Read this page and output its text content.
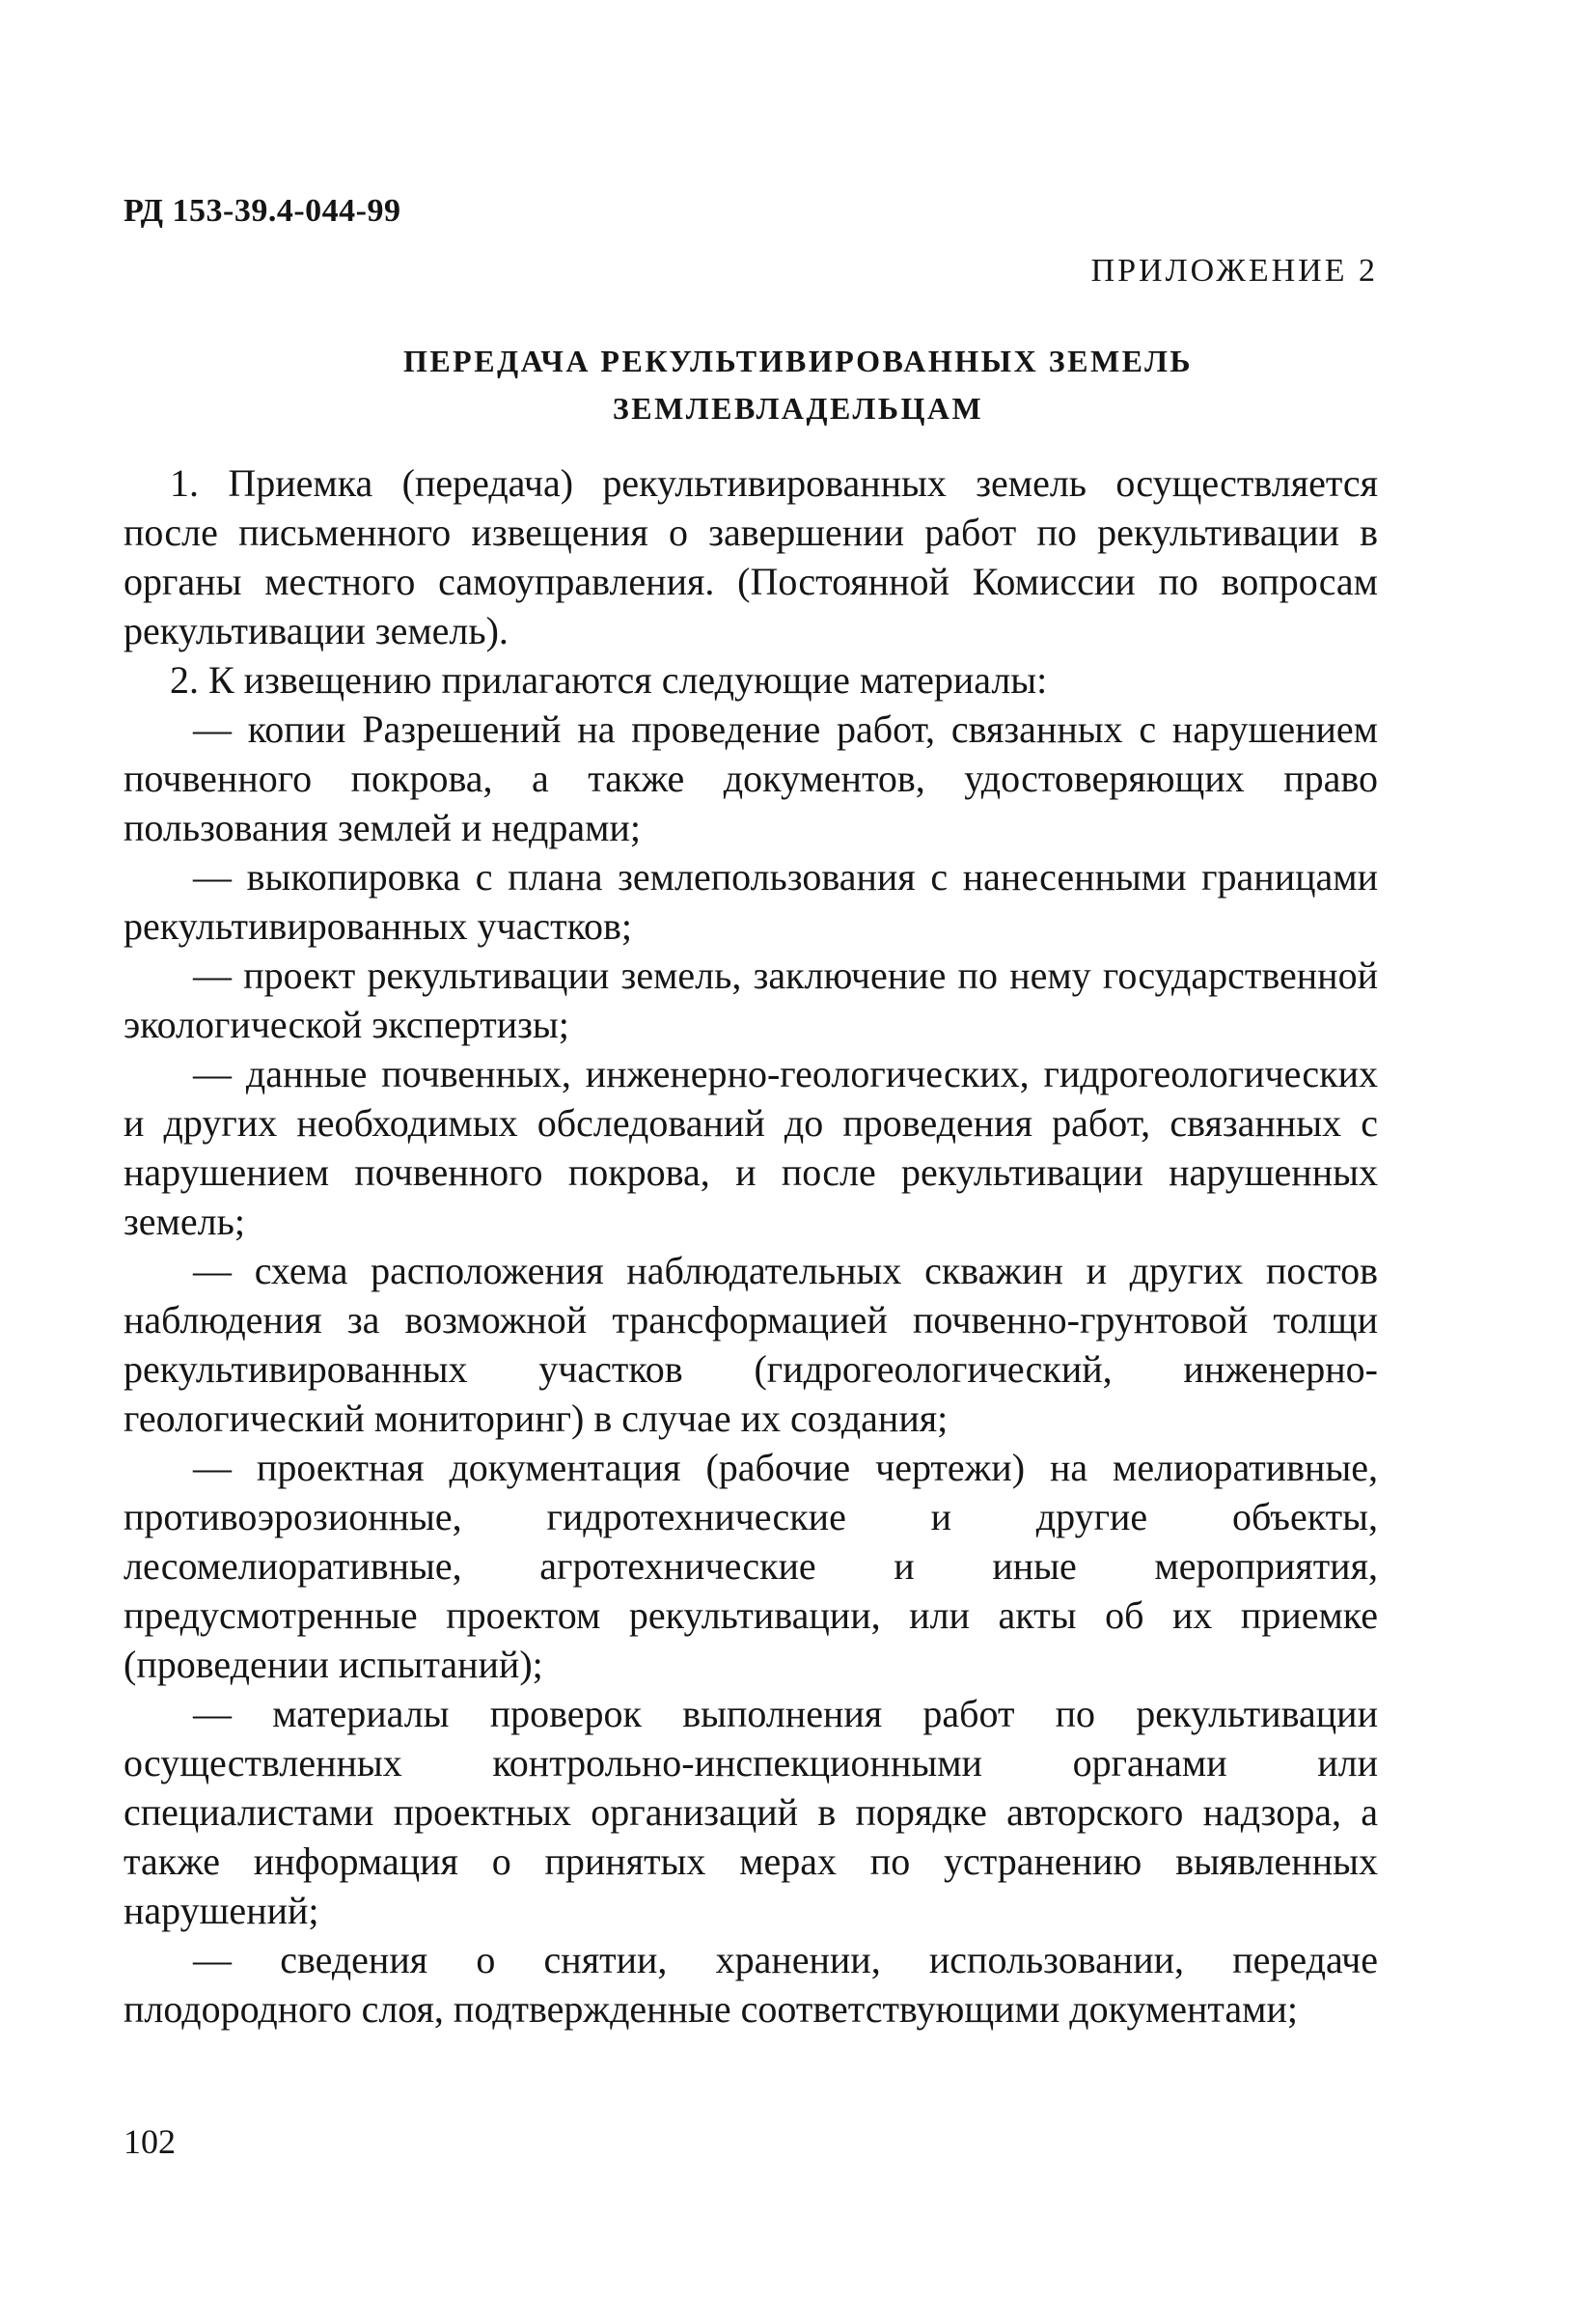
РД 153-39.4-044-99
ПРИЛОЖЕНИЕ 2
ПЕРЕДАЧА РЕКУЛЬТИВИРОВАННЫХ ЗЕМЕЛЬ
ЗЕМЛЕВЛАДЕЛЬЦАМ

1. Приемка (передача) рекультивированных земель осуществляется после письменного извещения о завершении работ по рекультивации в органы местного самоуправления. (Постоянной Комиссии по вопросам рекультивации земель).

2. К извещению прилагаются следующие материалы:

— копии Разрешений на проведение работ, связанных с нарушением почвенного покрова, а также документов, удостоверяющих право пользования землей и недрами;

— выкопировка с плана землепользования с нанесенными границами рекультивированных участков;

— проект рекультивации земель, заключение по нему государственной экологической экспертизы;

— данные почвенных, инженерно-геологических, гидрогеологических и других необходимых обследований до проведения работ, связанных с нарушением почвенного покрова, и после рекультивации нарушенных земель;

— схема расположения наблюдательных скважин и других постов наблюдения за возможной трансформацией почвенно-грунтовой толщи рекультивированных участков (гидрогеологический, инженерно-геологический мониторинг) в случае их создания;

— проектная документация (рабочие чертежи) на мелиоративные, противоэрозионные, гидротехнические и другие объекты, лесомелиоративные, агротехнические и иные мероприятия, предусмотренные проектом рекультивации, или акты об их приемке (проведении испытаний);

— материалы проверок выполнения работ по рекультивации осуществленных контрольно-инспекционными органами или специалистами проектных организаций в порядке авторского надзора, а также информация о принятых мерах по устранению выявленных нарушений;

— сведения о снятии, хранении, использовании, передаче плодородного слоя, подтвержденные соответствующими документами;

102
